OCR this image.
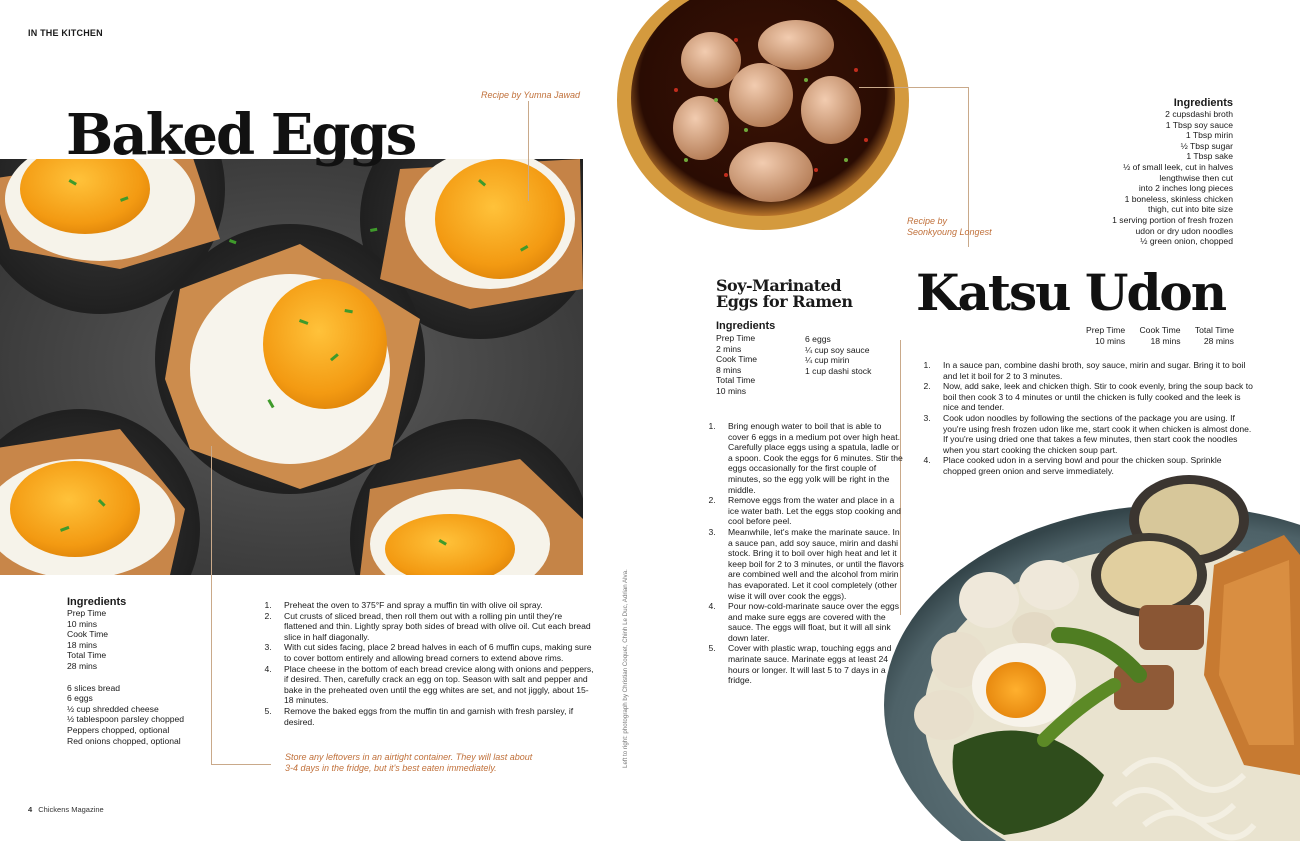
IN THE KITCHEN
Recipe by Yumna Jawad
Baked Eggs
Ingredients
Prep Time
10 mins
Cook Time
18 mins
Total Time
28 mins
6 slices bread
6 eggs
½ cup shredded cheese
½ tablespoon parsley chopped
Peppers chopped, optional
Red onions chopped, optional
1. Preheat the oven to 375°F and spray a muffin tin with olive oil spray.
2. Cut crusts of sliced bread, then roll them out with a rolling pin until they're flattened and thin. Lightly spray both sides of bread with olive oil. Cut each bread slice in half diagonally.
3. With cut sides facing, place 2 bread halves in each of 6 muffin cups, making sure to cover bottom entirely and allowing bread corners to extend above rims.
4. Place cheese in the bottom of each bread crevice along with onions and peppers, if desired. Then, carefully crack an egg on top. Season with salt and pepper and bake in the preheated oven until the egg whites are set, and not jiggly, about 15-18 minutes.
5. Remove the baked eggs from the muffin tin and garnish with fresh parsley, if desired.
Store any leftovers in an airtight container. They will last about 3-4 days in the fridge, but it's best eaten immediately.	Left to right: photograph by Christian Coquet, Chinh Le Duc, Adrian Alva.
4 Chickens Magazine
Recipe by
Seonkyoung Longest
Soy-Marinated
Eggs for Ramen
Ingredients
Prep Time
2 mins
Cook Time
8 mins
Total Time
10 mins
6 eggs
¼ cup soy sauce
¼ cup mirin
1 cup dashi stock
1. Bring enough water to boil that is able to cover 6 eggs in a medium pot over high heat. Carefully place eggs using a spatula, ladle or a spoon. Cook the eggs for 6 minutes. Stir the eggs occasionally for the first couple of minutes, so the egg yolk will be right in the middle.
2. Remove eggs from the water and place in a ice water bath. Let the eggs stop cooking and cool before peel.
3. Meanwhile, let's make the marinate sauce. In a sauce pan, add soy sauce, mirin and dashi stock. Bring it to boil over high heat and let it keep boil for 2 to 3 minutes, or until the flavors are combined well and the alcohol from mirin has evaporated. Let it cool completely (other wise it will over cook the eggs).
4. Pour now-cold-marinate sauce over the eggs and make sure eggs are covered with the sauce. The eggs will float, but it will all sink down later.
5. Cover with plastic wrap, touching eggs and marinate sauce. Marinate eggs at least 24 hours or longer. It will last 5 to 7 days in a fridge.
Ingredients
2 cupsdashi broth
1 Tbsp soy sauce
1 Tbsp mirin
½ Tbsp sugar
1 Tbsp sake
½ of small leek, cut in halves
lengthwise then cut
into 2 inches long pieces
1 boneless, skinless chicken
thigh, cut into bite size
1 serving portion of fresh frozen
udon or dry udon noodles
½ green onion, chopped
Katsu Udon
Prep Time
10 mins
Cook Time
18 mins
Total Time
28 mins
1. In a sauce pan, combine dashi broth, soy sauce, mirin and sugar. Bring it to boil and let it boil for 2 to 3 minutes.
2. Now, add sake, leek and chicken thigh. Stir to cook evenly, bring the soup back to boil then cook 3 to 4 minutes or until the chicken is fully cooked and the leek is nice and tender.
3. Cook udon noodles by following the sections of the package you are using. If you're using fresh frozen udon like me, start cook it when chicken is almost done. If you're using dried one that takes a few minutes, then start cook the noodles when you start cooking the chicken soup part.
4. Place cooked udon in a serving bowl and pour the chicken soup. Sprinkle chopped green onion and serve immediately.
